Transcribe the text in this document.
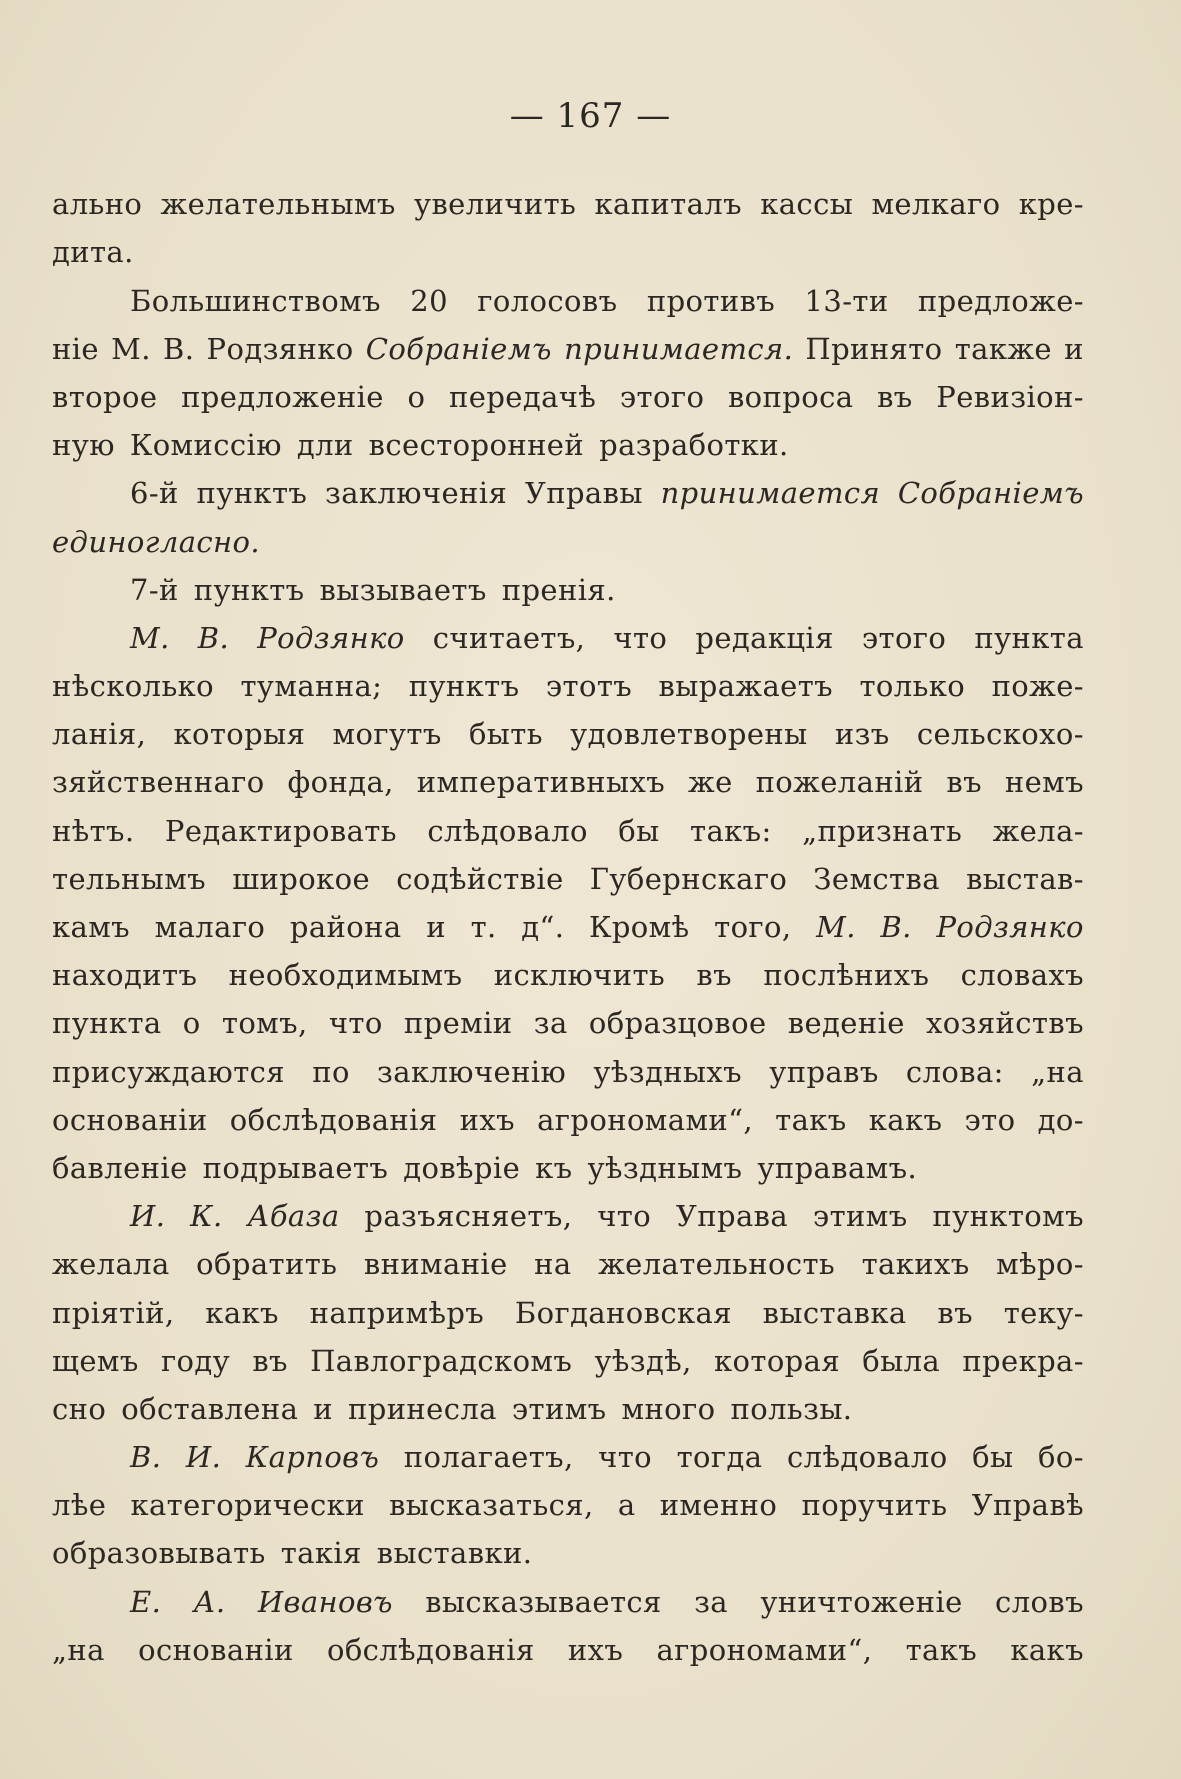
— 167 —
ально желательнымъ увеличить капиталъ кассы мелкаго кре-
дита.
Большинствомъ 20 голосовъ противъ 13-ти предложе-
ніе М. В. Родзянко Собраніемъ принимается. Принято также и
второе предложеніе о передачѣ этого вопроса въ Ревизіон-
ную Комиссію дли всесторонней разработки.
6-й пунктъ заключенія Управы принимается Собраніемъ
единогласно.
7-й пунктъ вызываетъ пренія.
М. В. Родзянко считаетъ, что редакція этого пункта
нѣсколько туманна; пунктъ этотъ выражаетъ только поже-
ланія, которыя могутъ быть удовлетворены изъ сельскохо-
зяйственнаго фонда, императивныхъ же пожеланій въ немъ
нѣтъ. Редактировать слѣдовало бы такъ: „признать жела-
тельнымъ широкое содѣйствіе Губернскаго Земства выстав-
камъ малаго района и т. д“. Кромѣ того, М. В. Родзянко
находитъ необходимымъ исключить въ послѣнихъ словахъ
пункта о томъ, что преміи за образцовое веденіе хозяйствъ
присуждаются по заключенію уѣздныхъ управъ слова: „на
основаніи обслѣдованія ихъ агрономами“, такъ какъ это до-
бавленіе подрываетъ довѣріе къ уѣзднымъ управамъ.
И. К. Абаза разъясняетъ, что Управа этимъ пунктомъ
желала обратить вниманіе на желательность такихъ мѣро-
пріятій, какъ напримѣръ Богдановская выставка въ теку-
щемъ году въ Павлоградскомъ уѣздѣ, которая была прекра-
сно обставлена и принесла этимъ много пользы.
В. И. Карповъ полагаетъ, что тогда слѣдовало бы бо-
лѣе категорически высказаться, а именно поручить Управѣ
образовывать такія выставки.
Е. А. Ивановъ высказывается за уничтоженіе словъ
„на основаніи обслѣдованія ихъ агрономами“, такъ какъ
